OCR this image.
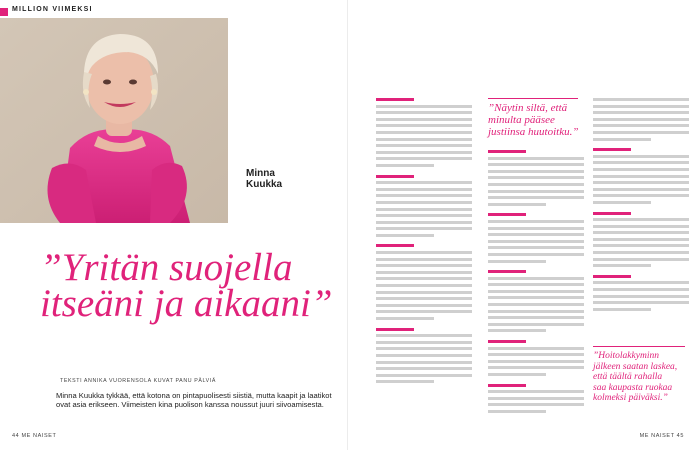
MILLION VIIMEKSI
Minna
Kuukka
”Yritän suojella
itseäni ja aikaani”
TEKSTI ANNIKA VUORENSOLA KUVAT PANU PÄLVIÄ
Minna Kuukka tykkää, että kotona on pintapuolisesti siistiä, mutta kaapit ja laatikot ovat asia erikseen. Viimeisten kina puolison kanssa noussut juuri siivoamisesta.
44 ME NAISET
”Näytin siltä, että
minulta pääsee
justiinsa huutoitku.”
”Hoitolakkyminn
jälkeen saatan laskea,
että täältä rahalla
saa kaupasta ruokaa
kolmeksi päiväksi.”
ME NAISET 45
